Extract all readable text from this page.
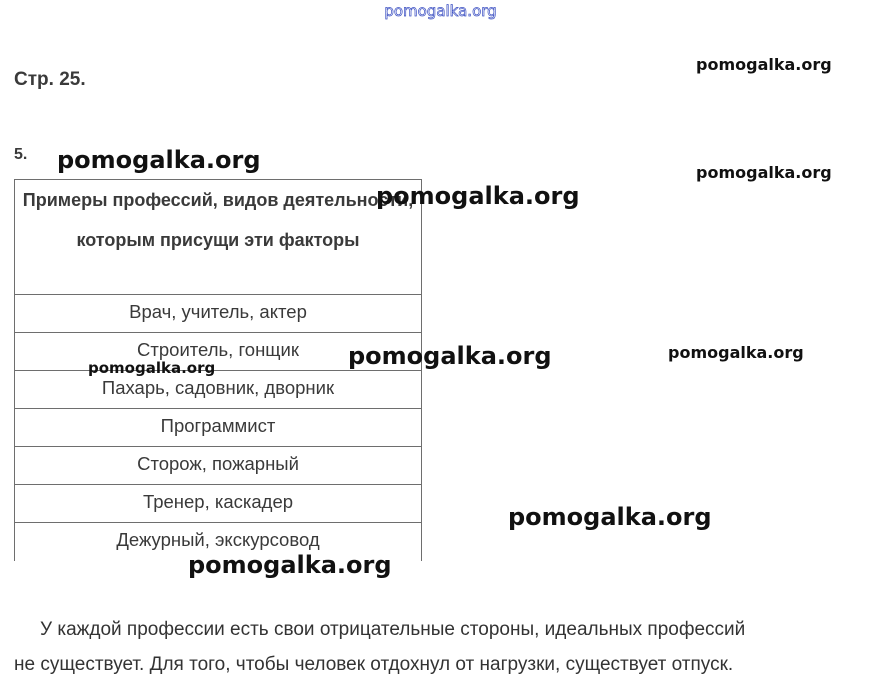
pomogalka.org
Стр. 25.
5.
Примеры профессий, видов деятельности, которым присущи эти факторы

Врач, учитель, актер
Строитель, гонщик
Пахарь, садовник, дворник
Программист
Сторож, пожарный
Тренер, каскадер
Дежурный, экскурсовод
pomogalka.org
pomogalka.org	pomogalka.org
pomogalka.org
pomogalka.org	pomogalka.org
pomogalka.org
pomogalka.org
pomogalka.org
У каждой профессии есть свои отрицательные стороны, идеальных профессий
не существует. Для того, чтобы человек отдохнул от нагрузки, существует отпуск.
